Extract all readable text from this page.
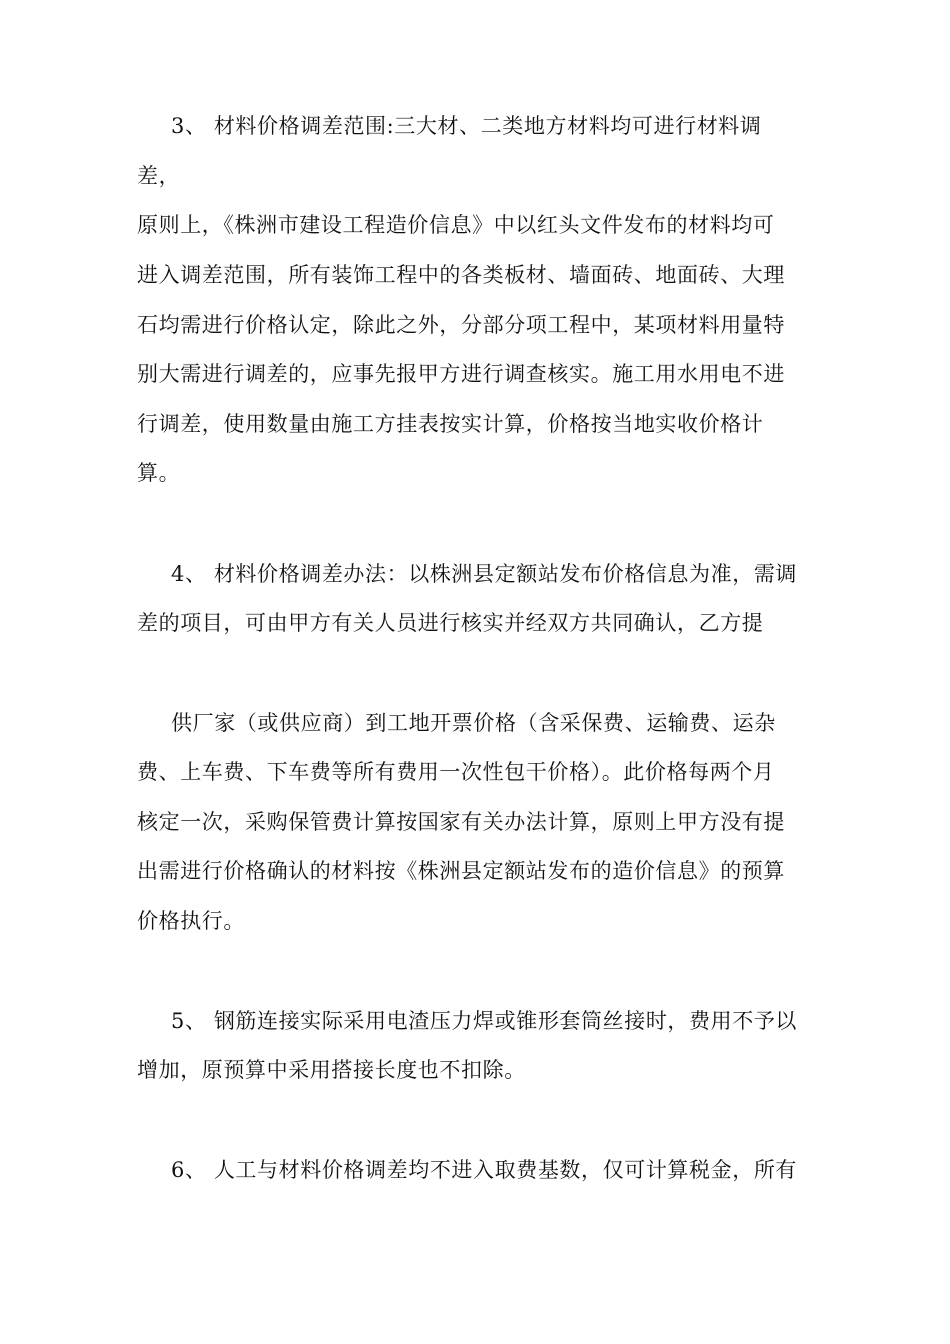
3、 材料价格调差范围:三大材、二类地方材料均可进行材料调
差，
原则上，《株洲市建设工程造价信息》中以红头文件发布的材料均可
进入调差范围，所有装饰工程中的各类板材、墙面砖、地面砖、大理
石均需进行价格认定，除此之外，分部分项工程中，某项材料用量特
别大需进行调差的，应事先报甲方进行调查核实。施工用水用电不进
行调差，使用数量由施工方挂表按实计算，价格按当地实收价格计
算。
4、 材料价格调差办法：以株洲县定额站发布价格信息为准，需调
差的项目，可由甲方有关人员进行核实并经双方共同确认，乙方提
供厂家（或供应商）到工地开票价格（含采保费、运输费、运杂
费、上车费、下车费等所有费用一次性包干价格）。此价格每两个月
核定一次，采购保管费计算按国家有关办法计算，原则上甲方没有提
出需进行价格确认的材料按《株洲县定额站发布的造价信息》的预算
价格执行。
5、 钢筋连接实际采用电渣压力焊或锥形套筒丝接时，费用不予以
增加，原预算中采用搭接长度也不扣除。
6、 人工与材料价格调差均不进入取费基数，仅可计算税金，所有
